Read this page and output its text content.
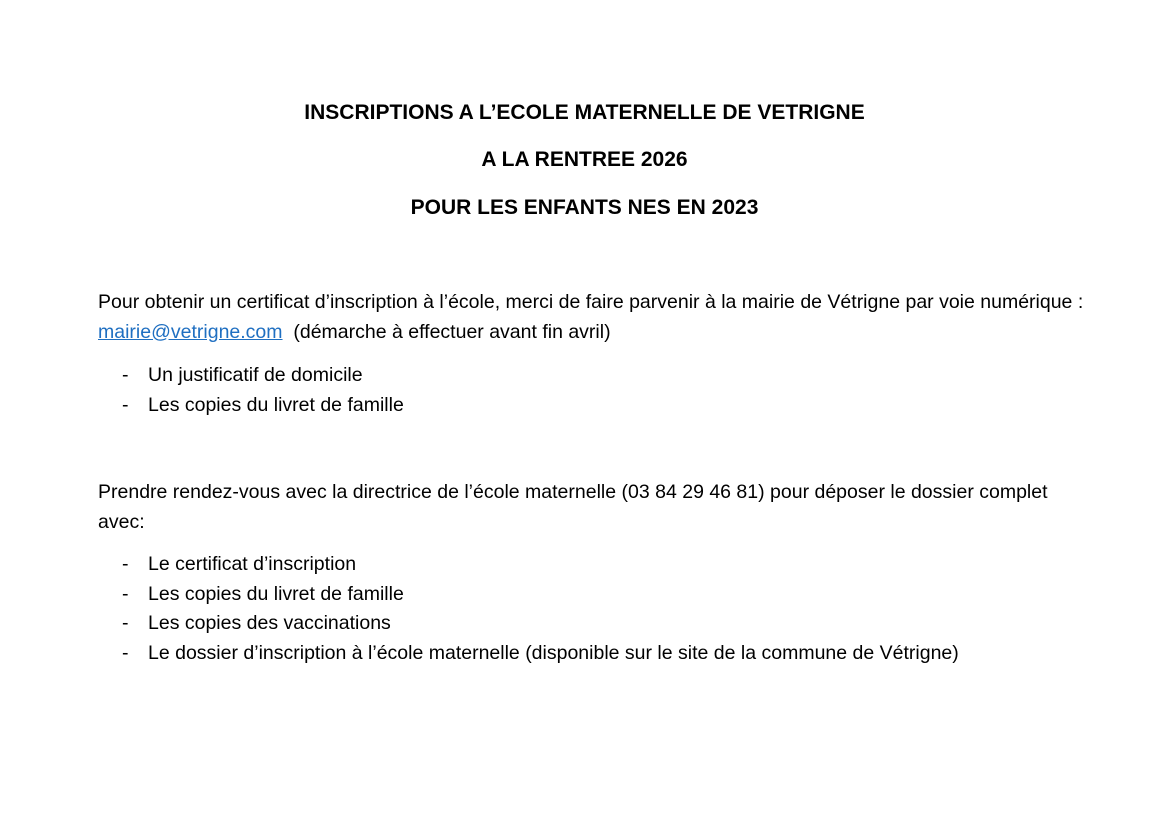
INSCRIPTIONS A L’ECOLE MATERNELLE DE VETRIGNE
A LA RENTREE 2026
POUR LES ENFANTS NES EN 2023

Pour obtenir un certificat d’inscription à l’école, merci de faire parvenir à la mairie de Vétrigne par voie numérique : mairie@vetrigne.com  (démarche à effectuer avant fin avril)

- Un justificatif de domicile
- Les copies du livret de famille

Prendre rendez-vous avec la directrice de l’école maternelle (03 84 29 46 81) pour déposer le dossier complet avec:

- Le certificat d’inscription
- Les copies du livret de famille
- Les copies des vaccinations
- Le dossier d’inscription à l’école maternelle (disponible sur le site de la commune de Vétrigne)
